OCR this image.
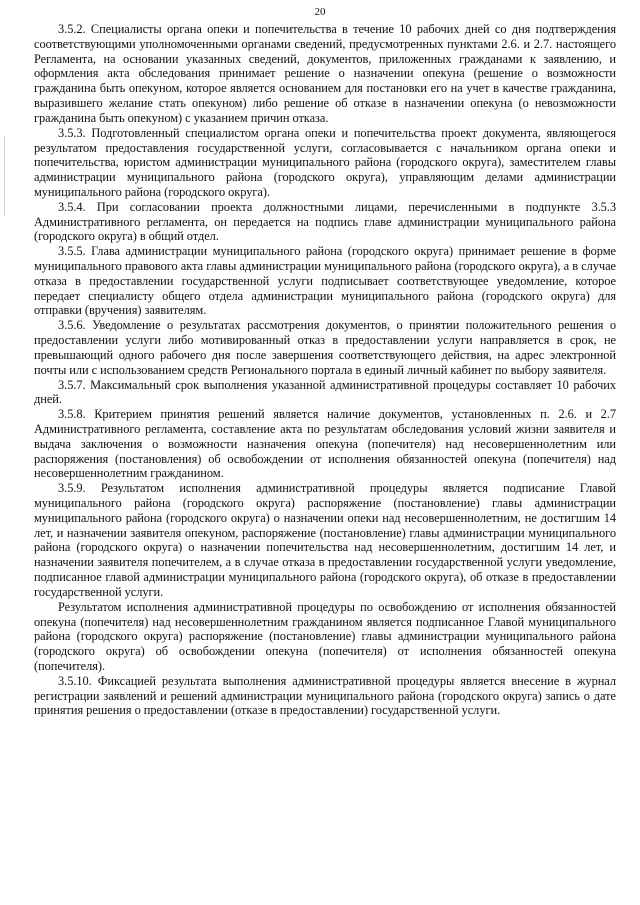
20

3.5.2. Специалисты органа опеки и попечительства в течение 10 рабочих дней со дня подтверждения соответствующими уполномоченными органами сведений, предусмотренных пунктами 2.6. и 2.7. настоящего Регламента, на основании указанных сведений, документов, приложенных гражданами к заявлению, и оформления акта обследования принимает решение о назначении опекуна (решение о возможности гражданина быть опекуном, которое является основанием для постановки его на учет в качестве гражданина, выразившего желание стать опекуном) либо решение об отказе в назначении опекуна (о невозможности гражданина быть опекуном) с указанием причин отказа.

3.5.3. Подготовленный специалистом органа опеки и попечительства проект документа, являющегося результатом предоставления государственной услуги, согласовывается с начальником органа опеки и попечительства, юристом администрации муниципального района (городского округа), заместителем главы администрации муниципального района (городского округа), управляющим делами администрации муниципального района (городского округа).

3.5.4. При согласовании проекта должностными лицами, перечисленными в подпункте 3.5.3 Административного регламента, он передается на подпись главе администрации муниципального района (городского округа) в общий отдел.

3.5.5. Глава администрации муниципального района (городского округа) принимает решение в форме муниципального правового акта главы администрации муниципального района (городского округа), а в случае отказа в предоставлении государственной услуги подписывает соответствующее уведомление, которое передает специалисту общего отдела администрации муниципального района (городского округа) для отправки (вручения) заявителям.

3.5.6. Уведомление о результатах рассмотрения документов, о принятии положительного решения о предоставлении услуги либо мотивированный отказ в предоставлении услуги направляется в срок, не превышающий одного рабочего дня после завершения соответствующего действия, на адрес электронной почты или с использованием средств Регионального портала в единый личный кабинет по выбору заявителя.

3.5.7. Максимальный срок выполнения указанной административной процедуры составляет 10 рабочих дней.

3.5.8. Критерием принятия решений является наличие документов, установленных п. 2.6. и 2.7 Административного регламента, составление акта по результатам обследования условий жизни заявителя и выдача заключения о возможности назначения опекуна (попечителя) над несовершеннолетним или распоряжения (постановления) об освобождении от исполнения обязанностей опекуна (попечителя) над несовершеннолетним гражданином.

3.5.9. Результатом исполнения административной процедуры является подписание Главой муниципального района (городского округа) распоряжение (постановление) главы администрации муниципального района (городского округа) о назначении опеки над несовершеннолетним, не достигшим 14 лет, и назначении заявителя опекуном, распоряжение (постановление) главы администрации муниципального района (городского округа) о назначении попечительства над несовершеннолетним, достигшим 14 лет, и назначении заявителя попечителем, а в случае отказа в предоставлении государственной услуги уведомление, подписанное главой администрации муниципального района (городского округа), об отказе в предоставлении государственной услуги.

Результатом исполнения административной процедуры по освобождению от исполнения обязанностей опекуна (попечителя) над несовершеннолетним гражданином является подписанное Главой муниципального района (городского округа) распоряжение (постановление) главы администрации муниципального района (городского округа) об освобождении опекуна (попечителя) от исполнения обязанностей опекуна (попечителя).

3.5.10. Фиксацией результата выполнения административной процедуры является внесение в журнал регистрации заявлений и решений администрации муниципального района (городского округа) запись о дате принятия решения о предоставлении (отказе в предоставлении) государственной услуги.
